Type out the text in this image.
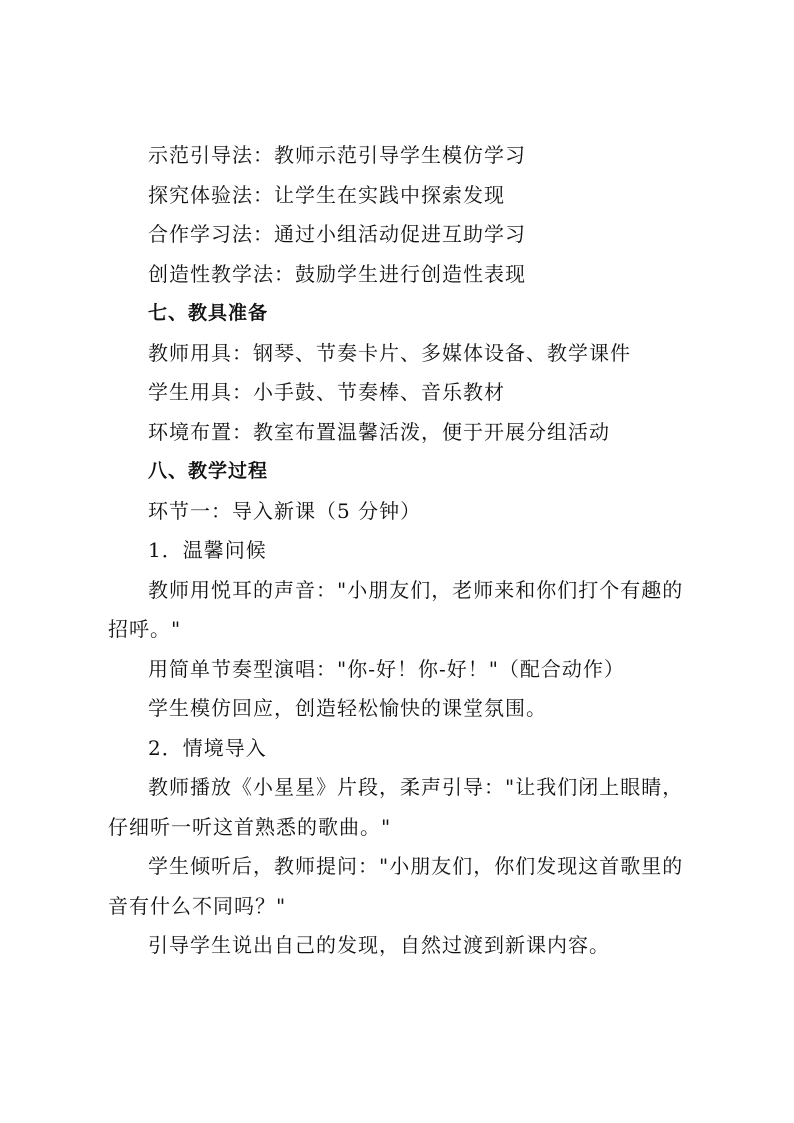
示范引导法：教师示范引导学生模仿学习
探究体验法：让学生在实践中探索发现
合作学习法：通过小组活动促进互助学习
创造性教学法：鼓励学生进行创造性表现
七、教具准备
教师用具：钢琴、节奏卡片、多媒体设备、教学课件
学生用具：小手鼓、节奏棒、音乐教材
环境布置：教室布置温馨活泼，便于开展分组活动
八、教学过程
环节一：导入新课（5 分钟）
1．温馨问候
教师用悦耳的声音："小朋友们，老师来和你们打个有趣的招呼。"
用简单节奏型演唱："你-好！你-好！"（配合动作）
学生模仿回应，创造轻松愉快的课堂氛围。
2．情境导入
教师播放《小星星》片段，柔声引导："让我们闭上眼睛，仔细听一听这首熟悉的歌曲。"
学生倾听后，教师提问："小朋友们，你们发现这首歌里的音有什么不同吗？"
引导学生说出自己的发现，自然过渡到新课内容。
